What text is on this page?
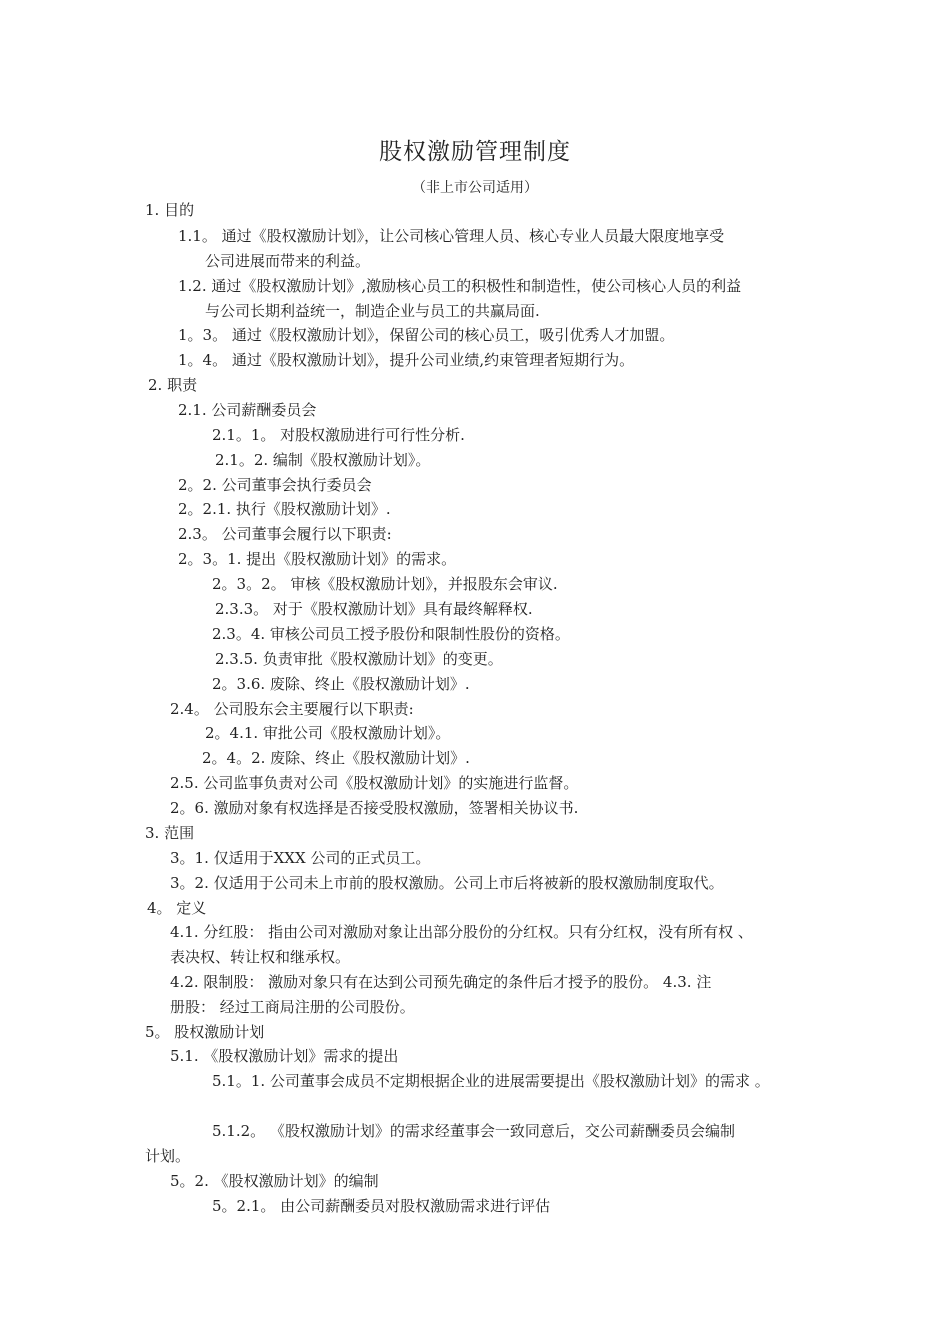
股权激励管理制度
（非上市公司适用）
1. 目的
1.1。 通过《股权激励计划》，让公司核心管理人员、核心专业人员最大限度地享受
公司进展而带来的利益。
1.2. 通过《股权激励计划》,激励核心员工的积极性和制造性，使公司核心人员的利益
与公司长期利益统一，制造企业与员工的共赢局面.
1。3。 通过《股权激励计划》，保留公司的核心员工，吸引优秀人才加盟。
1。4。 通过《股权激励计划》，提升公司业绩,约束管理者短期行为。
2. 职责
2.1. 公司薪酬委员会
2.1。1。 对股权激励进行可行性分析.
2.1。2. 编制《股权激励计划》。
2。2. 公司董事会执行委员会
2。2.1. 执行《股权激励计划》.
2.3。 公司董事会履行以下职责:
2。3。1. 提出《股权激励计划》的需求。
2。3。2。 审核《股权激励计划》，并报股东会审议.
2.3.3。 对于《股权激励计划》具有最终解释权.
2.3。4. 审核公司员工授予股份和限制性股份的资格。
2.3.5. 负责审批《股权激励计划》的变更。
2。3.6. 废除、终止《股权激励计划》.
2.4。 公司股东会主要履行以下职责:
2。4.1. 审批公司《股权激励计划》。
2。4。2. 废除、终止《股权激励计划》.
2.5. 公司监事负责对公司《股权激励计划》的实施进行监督。
2。6. 激励对象有权选择是否接受股权激励，签署相关协议书.
3. 范围
3。1. 仅适用于XXX 公司的正式员工。
3。2. 仅适用于公司未上市前的股权激励。公司上市后将被新的股权激励制度取代。
4。 定义
4.1. 分红股： 指由公司对激励对象让出部分股份的分红权。只有分红权，没有所有权 、
表决权、转让权和继承权。
4.2. 限制股： 激励对象只有在达到公司预先确定的条件后才授予的股份。 4.3. 注
册股： 经过工商局注册的公司股份。
5。 股权激励计划
5.1. 《股权激励计划》需求的提出
5.1。1. 公司董事会成员不定期根据企业的进展需要提出《股权激励计划》的需求 。
5.1.2。 《股权激励计划》的需求经董事会一致同意后，交公司薪酬委员会编制
计划。
5。2. 《股权激励计划》的编制
5。2.1。 由公司薪酬委员对股权激励需求进行评估
